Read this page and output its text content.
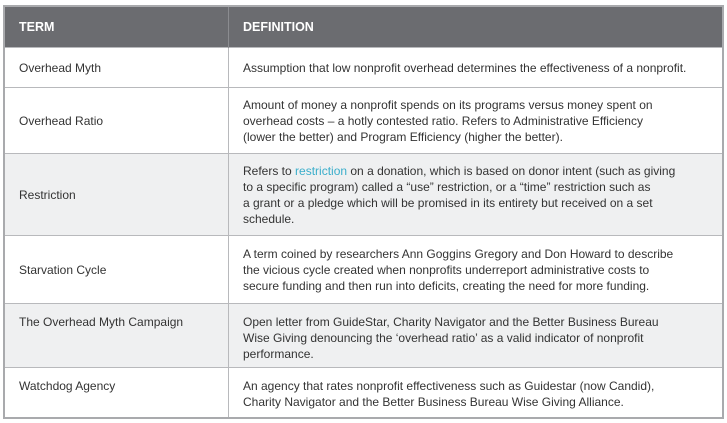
TERM	DEFINITION
Overhead Myth	Assumption that low nonprofit overhead determines the effectiveness of a nonprofit.

Overhead Ratio	Amount of money a nonprofit spends on its programs versus money spent on
overhead costs – a hotly contested ratio. Refers to Administrative Efficiency
(lower the better) and Program Efficiency (higher the better).

Restriction	Refers to restriction on a donation, which is based on donor intent (such as giving
to a specific program) called a “use” restriction, or a “time” restriction such as
a grant or a pledge which will be promised in its entirety but received on a set
schedule.

Starvation Cycle	A term coined by researchers Ann Goggins Gregory and Don Howard to describe
the vicious cycle created when nonprofits underreport administrative costs to
secure funding and then run into deficits, creating the need for more funding.

The Overhead Myth Campaign	Open letter from GuideStar, Charity Navigator and the Better Business Bureau
Wise Giving denouncing the ‘overhead ratio’ as a valid indicator of nonprofit
performance.

Watchdog Agency	An agency that rates nonprofit effectiveness such as Guidestar (now Candid),
Charity Navigator and the Better Business Bureau Wise Giving Alliance.
